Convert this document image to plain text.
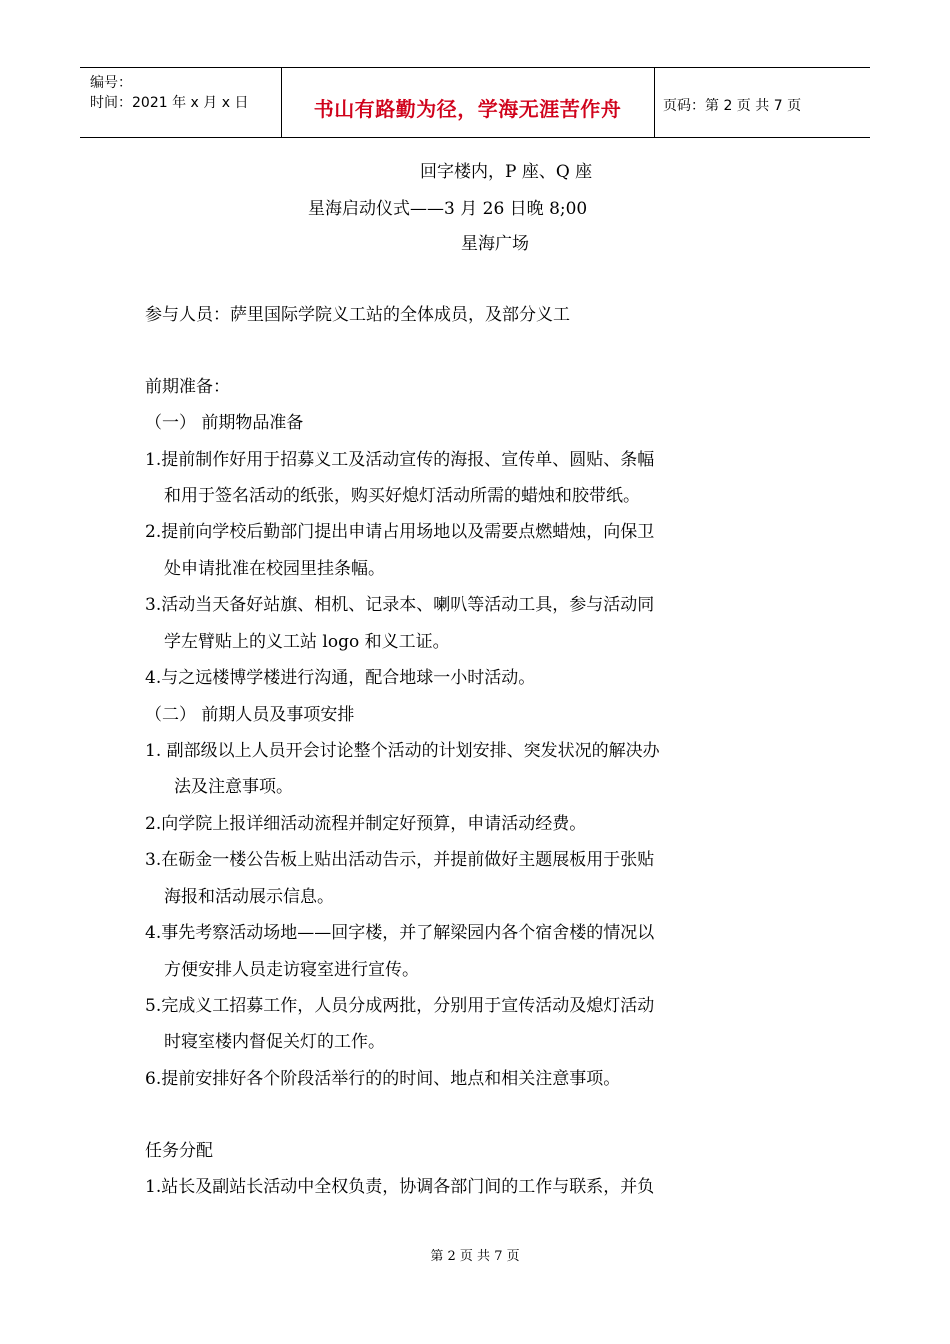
编号：
时间：2021 年 x 月 x 日	书山有路勤为径，学海无涯苦作舟	页码：第 2 页 共 7 页
回字楼内，P 座、Q 座
星海启动仪式——3 月 26 日晚 8;00
星海广场
参与人员：萨里国际学院义工站的全体成员，及部分义工
前期准备：
（一） 前期物品准备
1.提前制作好用于招募义工及活动宣传的海报、宣传单、圆贴、条幅
和用于签名活动的纸张，购买好熄灯活动所需的蜡烛和胶带纸。
2.提前向学校后勤部门提出申请占用场地以及需要点燃蜡烛，向保卫
处申请批准在校园里挂条幅。
3.活动当天备好站旗、相机、记录本、喇叭等活动工具，参与活动同
学左臂贴上的义工站 logo 和义工证。
4.与之远楼博学楼进行沟通，配合地球一小时活动。
（二） 前期人员及事项安排
1. 副部级以上人员开会讨论整个活动的计划安排、突发状况的解决办
法及注意事项。
2.向学院上报详细活动流程并制定好预算，申请活动经费。
3.在砺金一楼公告板上贴出活动告示，并提前做好主题展板用于张贴
海报和活动展示信息。
4.事先考察活动场地——回字楼，并了解梁园内各个宿舍楼的情况以
方便安排人员走访寝室进行宣传。
5.完成义工招募工作，人员分成两批，分别用于宣传活动及熄灯活动
时寝室楼内督促关灯的工作。
6.提前安排好各个阶段活举行的的时间、地点和相关注意事项。
任务分配
1.站长及副站长活动中全权负责，协调各部门间的工作与联系，并负
第 2 页 共 7 页
